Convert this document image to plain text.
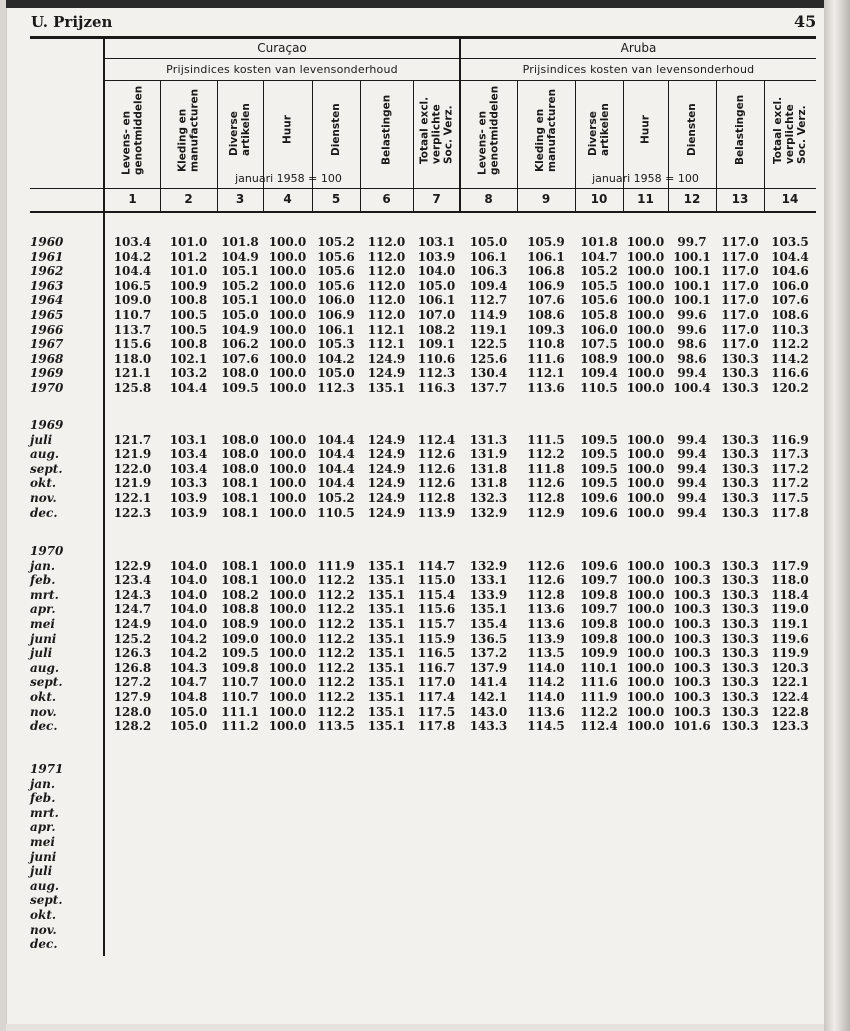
U. Prijzen	45
Curaçao
Prijsindices kosten van levensonderhoud
januari 1958 = 100
Aruba
Prijsindices kosten van levensonderhoud
januari 1958 = 100
Levens- en
genotmiddelen
1
Kleding en
manufacturen
2
Diverse
artikelen
3
Huur
4
Diensten
5
Belastingen
6
Totaal excl.
verplichte
Soc. Verz.
7
Levens- en
genotmiddelen
8
Kleding en
manufacturen
9
Diverse
artikelen
10
Huur
11
Diensten
12
Belastingen
13
Totaal excl.
verplichte
Soc. Verz.
14
1960	103.4	101.0	101.8 100.0 105.2	112.0	103.1	105.0	105.9	101.8 100.0	99.7	117.0	103.5
1961	104.2	101.2	104.9 100.0 105.6	112.0	103.9	106.1	106.1	104.7 100.0 100.1 117.0	104.4
1962	104.4	101.0	105.1 100.0 105.6	112.0	104.0	106.3	106.8	105.2 100.0 100.1 117.0	104.6
1963	106.5	100.9	105.2 100.0 105.6	112.0	105.0	109.4	106.9	105.5 100.0 100.1 117.0	106.0
1964	109.0	100.8	105.1 100.0 106.0	112.0	106.1	112.7	107.6	105.6 100.0 100.1 117.0	107.6
1965	110.7	100.5	105.0 100.0 106.9	112.0	107.0	114.9	108.6	105.8 100.0	99.6	117.0	108.6
1966	113.7	100.5	104.9 100.0 106.1	112.1	108.2	119.1	109.3	106.0 100.0	99.6	117.0	110.3
1967	115.6	100.8	106.2 100.0 105.3	112.1	109.1	122.5	110.8	107.5 100.0	98.6	117.0	112.2
1968	118.0	102.1	107.6 100.0 104.2	124.9	110.6	125.6	111.6	108.9 100.0	98.6	130.3	114.2
1969	121.1	103.2	108.0 100.0 105.0	124.9	112.3	130.4	112.1	109.4 100.0	99.4	130.3	116.6
1970	125.8	104.4	109.5 100.0 112.3	135.1	116.3	137.7	113.6	110.5 100.0 100.4 130.3	120.2
1969
juli	121.7	103.1	108.0 100.0 104.4	124.9	112.4	131.3	111.5	109.5 100.0	99.4	130.3	116.9
aug.	121.9	103.4	108.0 100.0 104.4	124.9	112.6	131.9	112.2	109.5 100.0	99.4	130.3	117.3
sept.	122.0	103.4	108.0 100.0 104.4	124.9	112.6	131.8	111.8	109.5 100.0	99.4	130.3	117.2
okt.	121.9	103.3	108.1 100.0 104.4	124.9	112.6	131.8	112.6	109.5 100.0	99.4	130.3	117.2
nov.	122.1	103.9	108.1 100.0 105.2	124.9	112.8	132.3	112.8	109.6 100.0	99.4	130.3	117.5
dec.	122.3	103.9	108.1 100.0 110.5	124.9	113.9	132.9	112.9	109.6 100.0	99.4	130.3	117.8
1970
jan.	122.9	104.0	108.1 100.0 111.9	135.1	114.7	132.9	112.6	109.6 100.0 100.3 130.3	117.9
feb.	123.4	104.0	108.1 100.0 112.2	135.1	115.0	133.1	112.6	109.7 100.0 100.3 130.3	118.0
mrt.	124.3	104.0	108.2 100.0 112.2	135.1	115.4	133.9	112.8	109.8 100.0 100.3 130.3	118.4
apr.	124.7	104.0	108.8 100.0 112.2	135.1	115.6	135.1	113.6	109.7 100.0 100.3 130.3	119.0
mei	124.9	104.0	108.9 100.0 112.2	135.1	115.7	135.4	113.6	109.8 100.0 100.3 130.3	119.1
juni	125.2	104.2	109.0 100.0 112.2	135.1	115.9	136.5	113.9	109.8 100.0 100.3 130.3	119.6
juli	126.3	104.2	109.5 100.0 112.2	135.1	116.5	137.2	113.5	109.9 100.0 100.3 130.3	119.9
aug.	126.8	104.3	109.8 100.0 112.2	135.1	116.7	137.9	114.0	110.1 100.0 100.3 130.3	120.3
sept.	127.2	104.7	110.7 100.0 112.2	135.1	117.0	141.4	114.2	111.6 100.0 100.3 130.3	122.1
okt.	127.9	104.8	110.7 100.0 112.2	135.1	117.4	142.1	114.0	111.9 100.0 100.3 130.3	122.4
nov.	128.0	105.0	111.1 100.0 112.2	135.1	117.5	143.0	113.6	112.2 100.0 100.3 130.3	122.8
dec.	128.2	105.0	111.2 100.0 113.5	135.1	117.8	143.3	114.5	112.4 100.0 101.6 130.3	123.3
1971
jan.
feb.
mrt.
apr.
mei
juni
juli
aug.
sept.
okt.
nov.
dec.
